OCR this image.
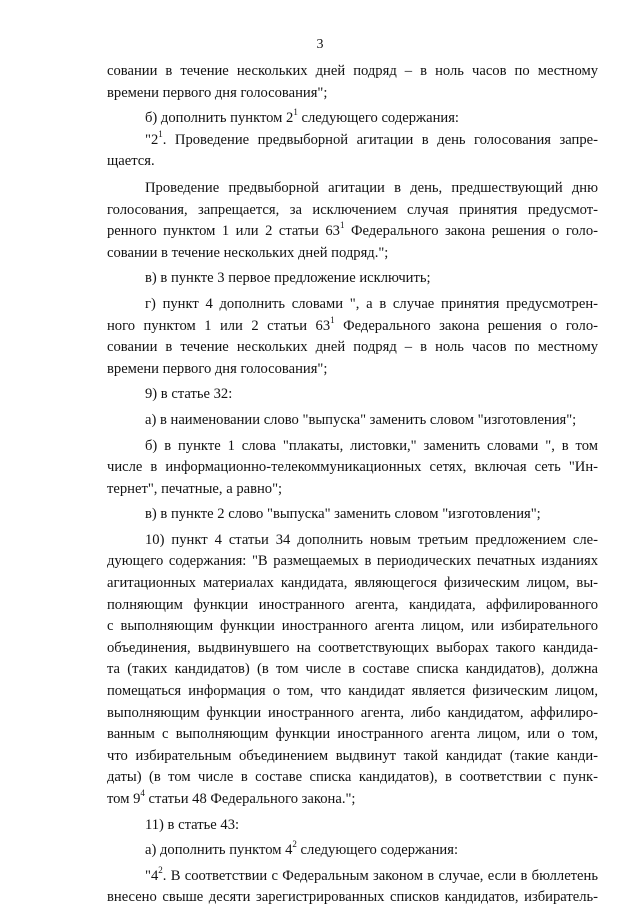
3
совании в течение нескольких дней подряд – в ноль часов по местному
времени первого дня голосования";
б) дополнить пунктом $2^1$ следующего содержания:
"$2^1$. Проведение предвыборной агитации в день голосования запре-
щается.
Проведение предвыборной агитации в день, предшествующий дню
голосования, запрещается, за исключением случая принятия предусмот-
ренного пунктом 1 или 2 статьи $63^1$ Федерального закона решения о голо-
совании в течение нескольких дней подряд.";
в) в пункте 3 первое предложение исключить;
г) пункт 4 дополнить словами ", а в случае принятия предусмотрен-
ного пунктом 1 или 2 статьи $63^1$ Федерального закона решения о голо-
совании в течение нескольких дней подряд – в ноль часов по местному
времени первого дня голосования";
9) в статье 32:
а) в наименовании слово "выпуска" заменить словом "изготовления";
б) в пункте 1 слова "плакаты, листовки," заменить словами ", в том
числе в информационно-телекоммуникационных сетях, включая сеть "Ин-
тернет", печатные, а равно";
в) в пункте 2 слово "выпуска" заменить словом "изготовления";
10) пункт 4 статьи 34 дополнить новым третьим предложением сле-
дующего содержания: "В размещаемых в периодических печатных изданиях
агитационных материалах кандидата, являющегося физическим лицом, вы-
полняющим функции иностранного агента, кандидата, аффилированного
с выполняющим функции иностранного агента лицом, или избирательного
объединения, выдвинувшего на соответствующих выборах такого кандида-
та (таких кандидатов) (в том числе в составе списка кандидатов), должна
помещаться информация о том, что кандидат является физическим лицом,
выполняющим функции иностранного агента, либо кандидатом, аффилиро-
ванным с выполняющим функции иностранного агента лицом, или о том,
что избирательным объединением выдвинут такой кандидат (такие канди-
даты) (в том числе в составе списка кандидатов), в соответствии с пунк-
том $9^4$ статьи 48 Федерального закона.";
11) в статье 43:
а) дополнить пунктом $4^2$ следующего содержания:
"$4^2$. В соответствии с Федеральным законом в случае, если в бюллетень
внесено свыше десяти зарегистрированных списков кандидатов, избиратель-
